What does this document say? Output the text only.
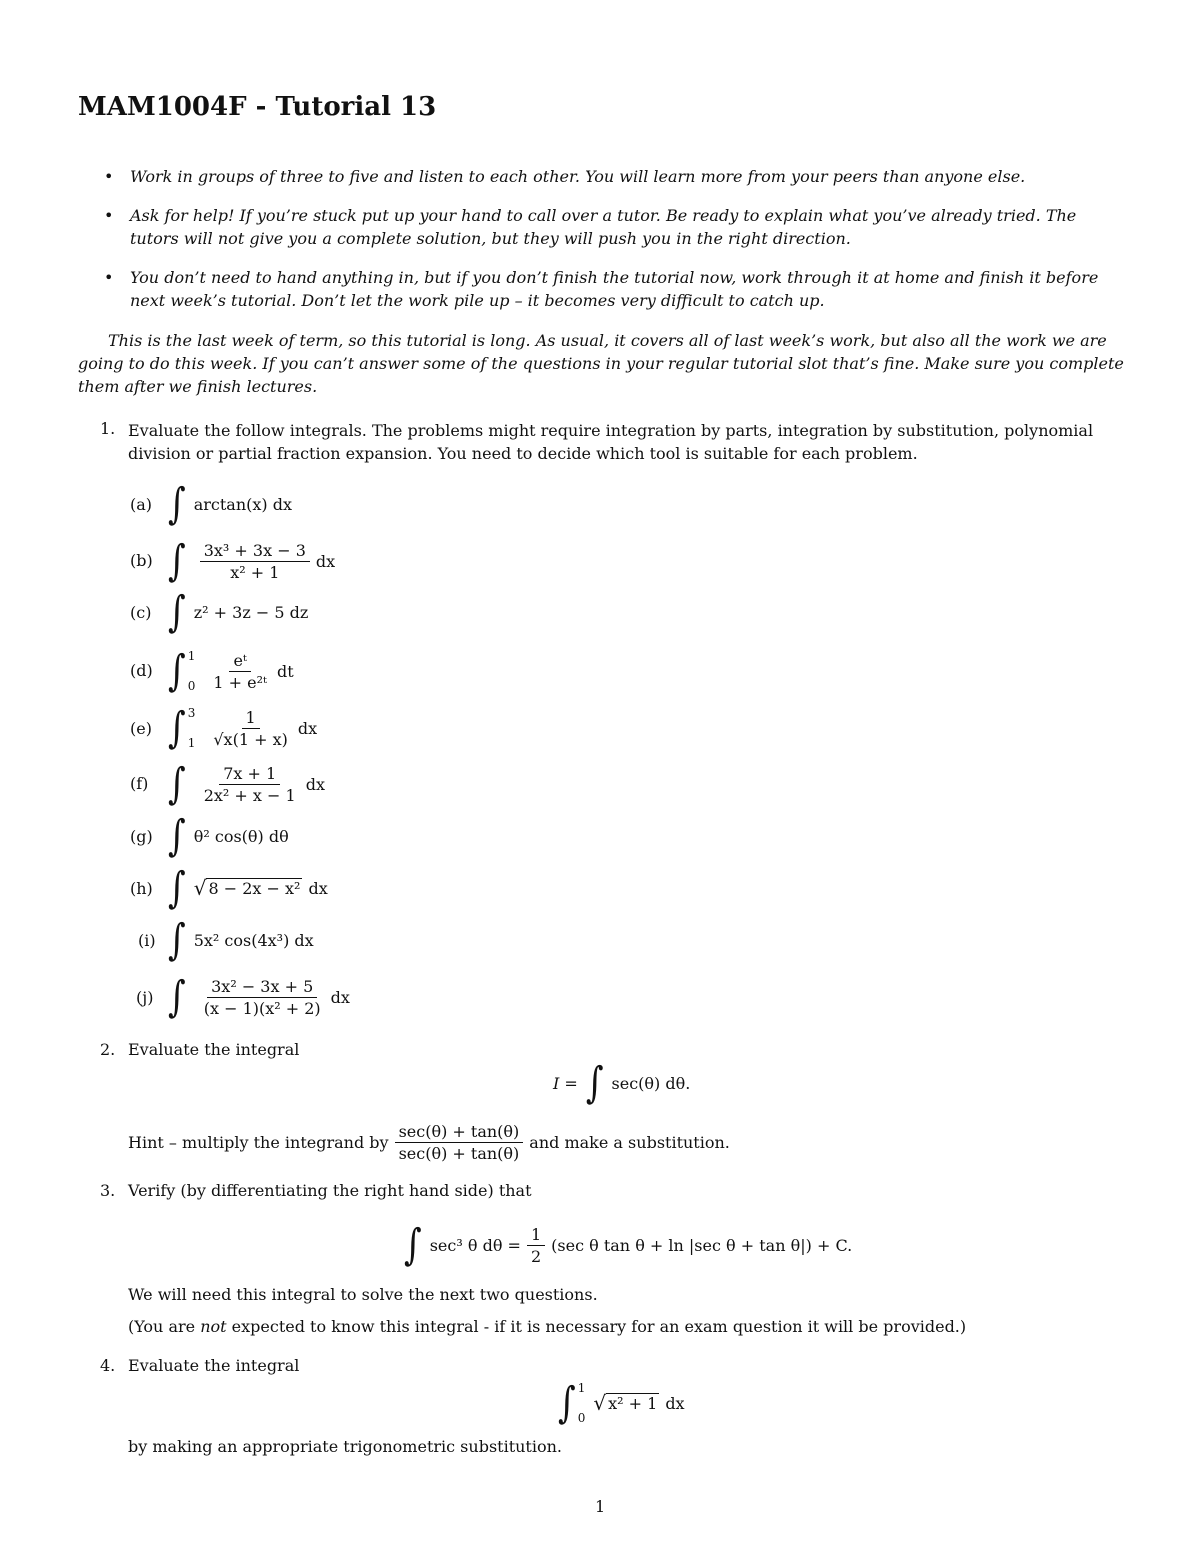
MAM1004F - Tutorial 13
•	Work in groups of three to five and listen to each other. You will learn more from your peers than anyone else.
•	Ask for help! If you’re stuck put up your hand to call over a tutor. Be ready to explain what you’ve already tried. The tutors will not give you a complete solution, but they will push you in the right direction.
•	You don’t need to hand anything in, but if you don’t finish the tutorial now, work through it at home and finish it before next week’s tutorial. Don’t let the work pile up – it becomes very difficult to catch up.
This is the last week of term, so this tutorial is long. As usual, it covers all of last week’s work, but also all the work we are going to do this week. If you can’t answer some of the questions in your regular tutorial slot that’s fine. Make sure you complete them after we finish lectures.
1. Evaluate the follow integrals. The problems might require integration by parts, integration by substitution, polynomial division or partial fraction expansion. You need to decide which tool is suitable for each problem.
(a) ∫ arctan(x) dx
(b) ∫ $\frac{\text{3x³ + 3x − 3}}{\text{x² + 1}}$ dx
(c) ∫ z² + 3z − 5 dz
(d) ∫ 1
$0 \frac{\text{eᵗ}}{\text{1 + e²ᵗ}}$ dt
(e) ∫ 3
$1 \frac{1}{√x(1 + x)}$ dx
(f) ∫ $\frac{7x + 1}{\text{2x² + x − 1}}$ dx
(g) ∫ θ² cos(θ) dθ
(h) ∫ √ 8 − 2x − x² dx
(i) ∫ 5x² cos(4x³) dx
(j) ∫ $\frac{\text{3x² − 3x + 5}}{\text{(x − 1)(x² + 2)}}$ dx
2. Evaluate the integral
I = ∫ sec(θ) dθ.
Hint – multiply the integrand by $\frac{\sec(\theta) + \tan(\theta)}{\sec(\theta) + \tan(\theta)}$ and make a substitution.
3. Verify (by differentiating the right hand side) that
∫ sec³ θ $d\theta = \frac{1}{2} (\sec$ θ tan θ + ln |sec θ + tan θ|) + C.
We will need this integral to solve the next two questions.
(You are not expected to know this integral - if it is necessary for an exam question it will be provided.)
4. Evaluate the integral
∫ 1
0
√ x² + 1 dx
by making an appropriate trigonometric substitution.
1
